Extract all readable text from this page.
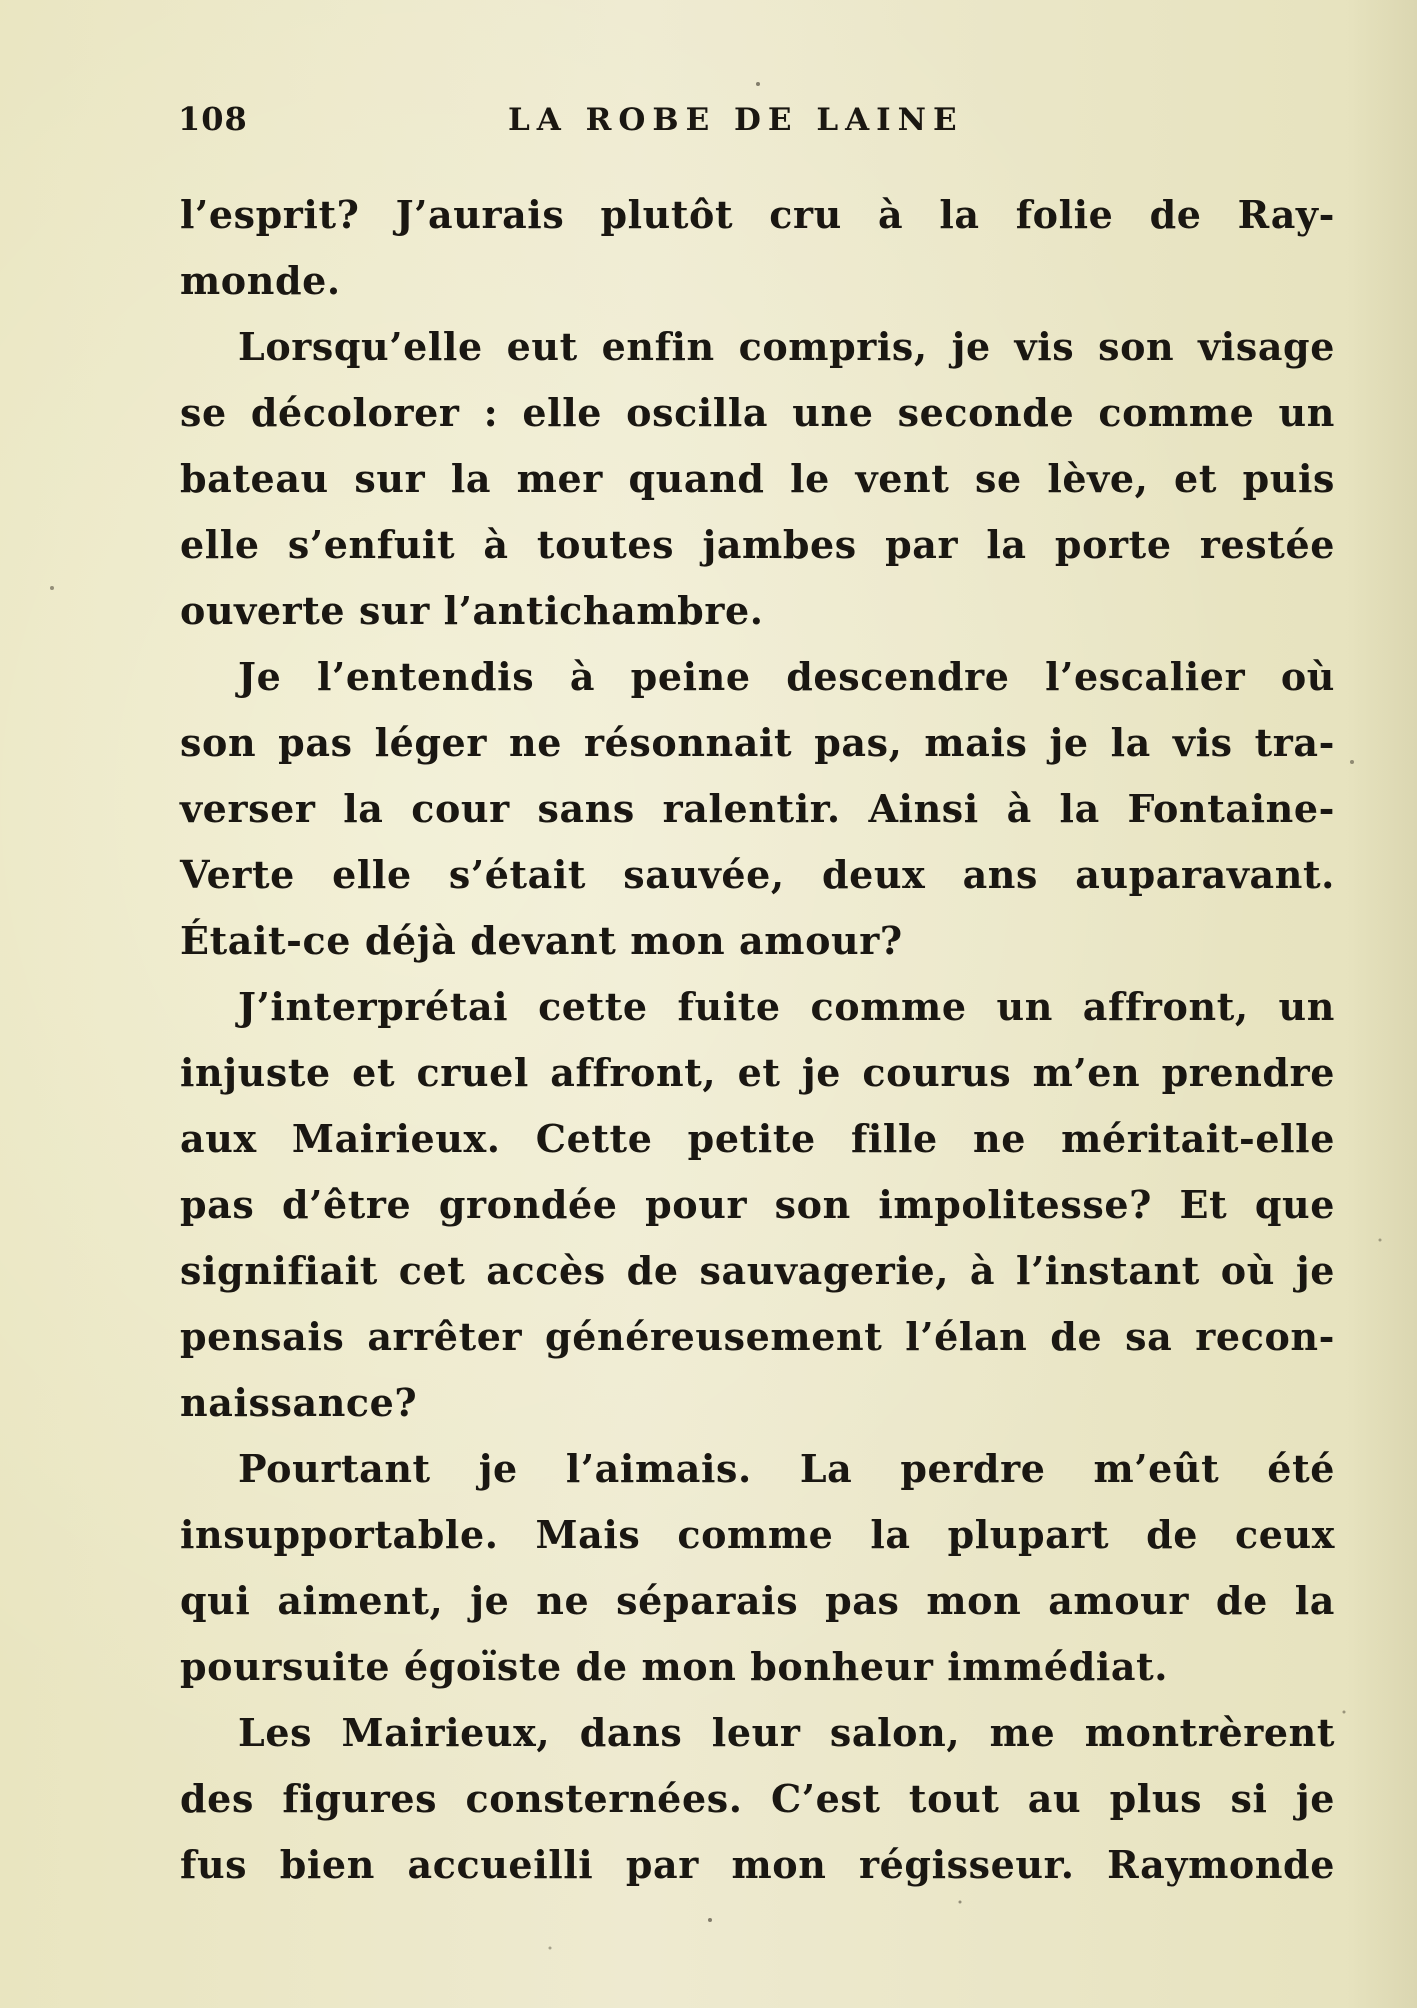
108	LA ROBE DE LAINE
l’esprit? J’aurais plutôt cru à la folie de Ray-
monde.
Lorsqu’elle eut enfin compris, je vis son visage
se décolorer : elle oscilla une seconde comme un
bateau sur la mer quand le vent se lève, et puis
elle s’enfuit à toutes jambes par la porte restée
ouverte sur l’antichambre.
Je l’entendis à peine descendre l’escalier où
son pas léger ne résonnait pas, mais je la vis tra-
verser la cour sans ralentir. Ainsi à la Fontaine-
Verte elle s’était sauvée, deux ans auparavant.
Était-ce déjà devant mon amour?
J’interprétai cette fuite comme un affront, un
injuste et cruel affront, et je courus m’en prendre
aux Mairieux. Cette petite fille ne méritait-elle
pas d’être grondée pour son impolitesse? Et que
signifiait cet accès de sauvagerie, à l’instant où je
pensais arrêter généreusement l’élan de sa recon-
naissance?
Pourtant je l’aimais. La perdre m’eût été
insupportable. Mais comme la plupart de ceux
qui aiment, je ne séparais pas mon amour de la
poursuite égoïste de mon bonheur immédiat.
Les Mairieux, dans leur salon, me montrèrent
des figures consternées. C’est tout au plus si je
fus bien accueilli par mon régisseur. Raymonde
